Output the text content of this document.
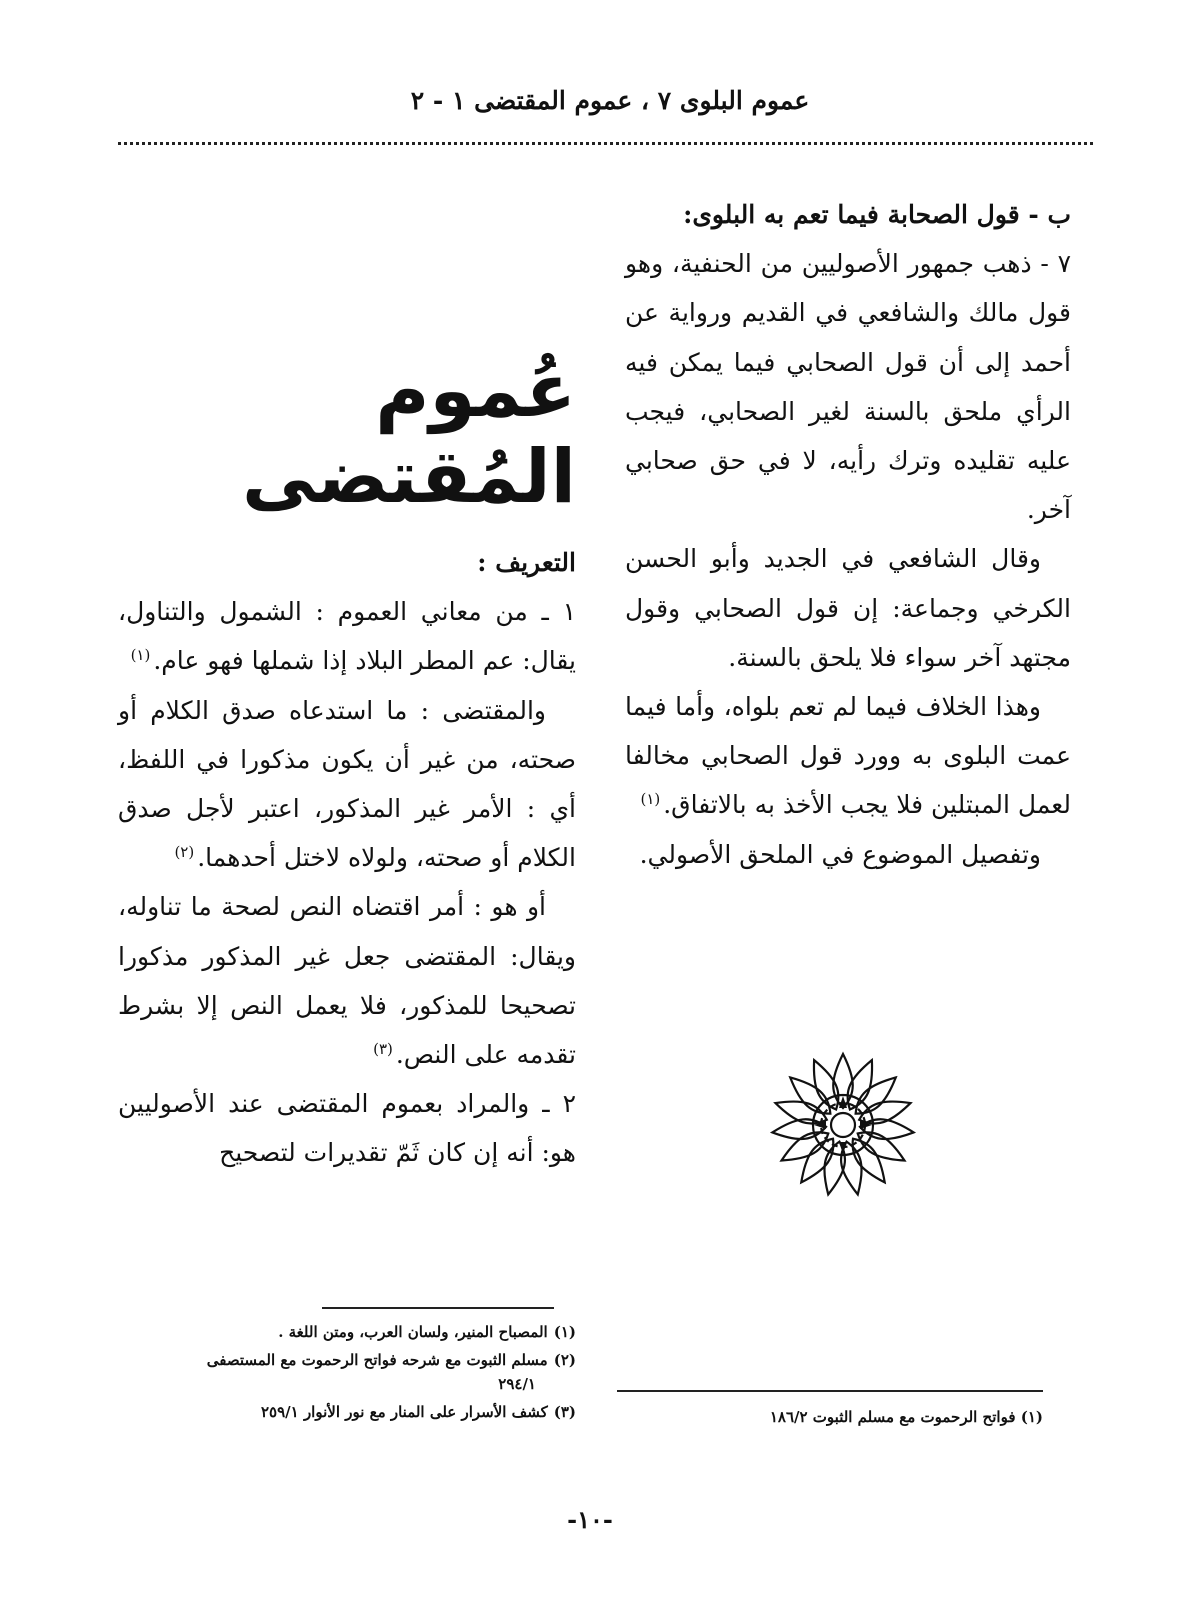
عموم البلوى ٧ ، عموم المقتضى ١ - ٢

ب - قول الصحابة فيما تعم به البلوى:

٧ - ذهب جمهور الأصوليين من الحنفية، وهو قول مالك والشافعي في القديم ورواية عن أحمد إلى أن قول الصحابي فيما يمكن فيه الرأي ملحق بالسنة لغير الصحابي، فيجب عليه تقليده وترك رأيه، لا في حق صحابي آخر.

وقال الشافعي في الجديد وأبو الحسن الكرخي وجماعة: إن قول الصحابي وقول مجتهد آخر سواء فلا يلحق بالسنة.

وهذا الخلاف فيما لم تعم بلواه، وأما فيما عمت البلوى به وورد قول الصحابي مخالفا لعمل المبتلين فلا يجب الأخذ به بالاتفاق.$^{(١)}$

وتفصيل الموضوع في الملحق الأصولي.

(١) فواتح الرحموت مع مسلم الثبوت ١٨٦/٢

عُموم المُقتضى

التعريف :

١ ـ من معاني العموم : الشمول والتناول، يقال: عم المطر البلاد إذا شملها فهو عام.$^{(١)}$

والمقتضى : ما استدعاه صدق الكلام أو صحته، من غير أن يكون مذكورا في اللفظ، أي : الأمر غير المذكور، اعتبر لأجل صدق الكلام أو صحته، ولولاه لاختل أحدهما.$^{(٢)}$

أو هو : أمر اقتضاه النص لصحة ما تناوله، ويقال: المقتضى جعل غير المذكور مذكورا تصحيحا للمذكور، فلا يعمل النص إلا بشرط تقدمه على النص.$^{(٣)}$

٢ ـ والمراد بعموم المقتضى عند الأصوليين هو: أنه إن كان ثَمّ تقديرات لتصحيح

(١)المصباح المنير، ولسان العرب، ومتن اللغة .

(٢)مسلم الثبوت مع شرحه فواتح الرحموت مع المستصفى
٢٩٤/١

(٣)كشف الأسرار على المنار مع نور الأنوار ٢٥٩/١

-١٠-
